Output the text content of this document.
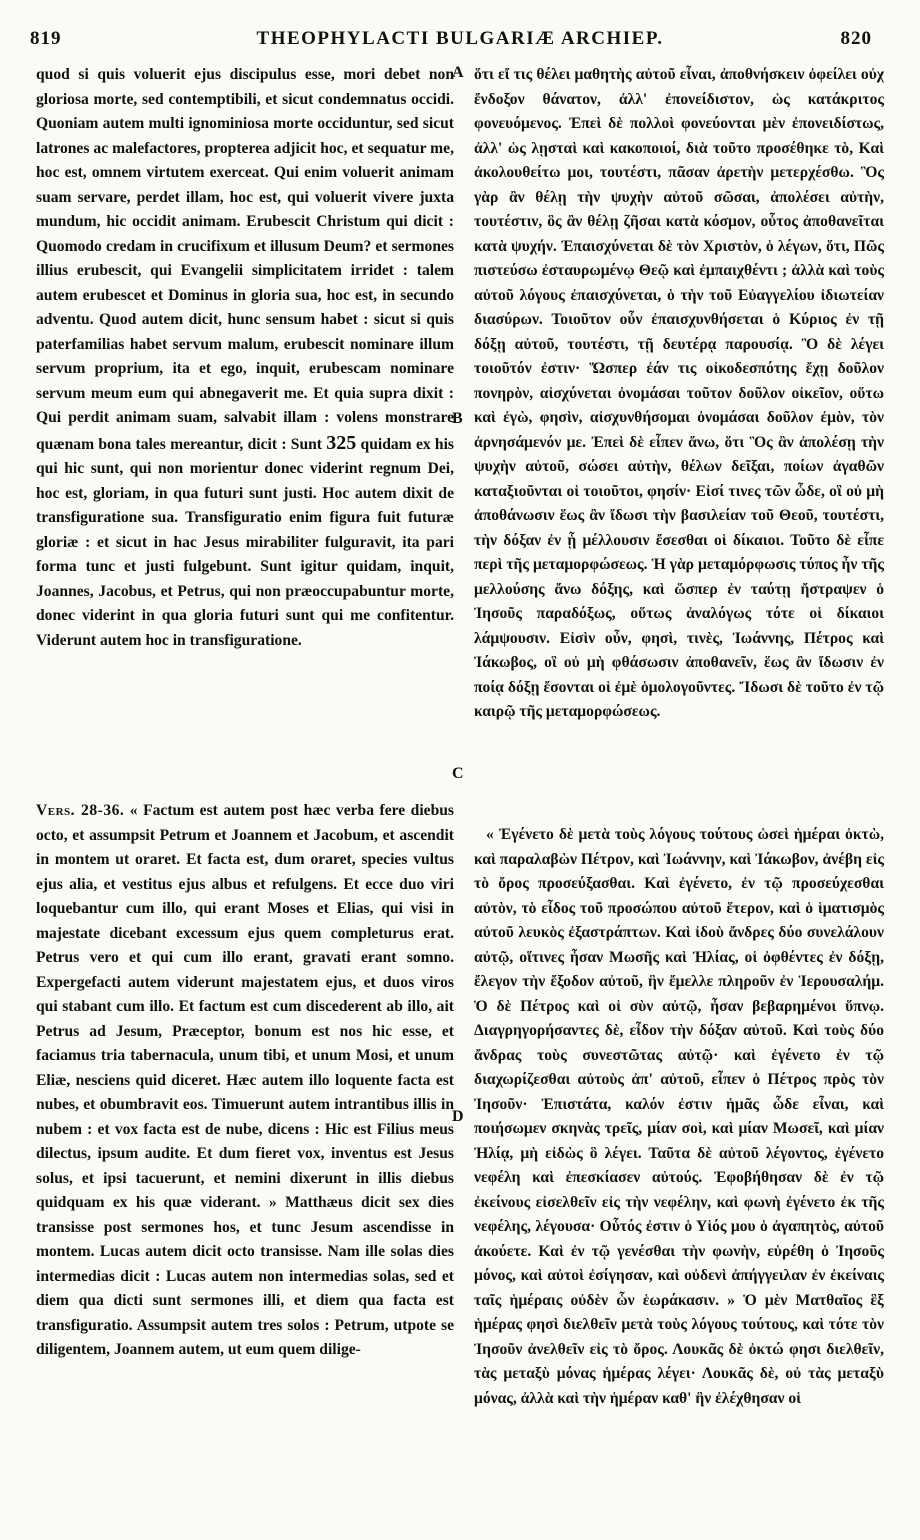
THEOPHYLACTI BULGARIÆ ARCHIEP.
819	820

quod si quis voluerit ejus discipulus esse, mori debet non gloriosa morte, sed contemptibili, et sicut condemnatus occidi. Quoniam autem multi ignominiosa morte occiduntur, sed sicut latrones ac malefactores, propterea adjicit hoc, et sequatur me, hoc est, omnem virtutem exerceat. Qui enim voluerit animam suam servare, perdet illam, hoc est, qui voluerit vivere juxta mundum, hic occidit animam. Erubescit Christum qui dicit : Quomodo credam in crucifixum et illusum Deum? et sermones illius erubescit, qui Evangelii simplicitatem irridet : talem autem erubescet et Dominus in gloria sua, hoc est, in secundo adventu. Quod autem dicit, hunc sensum habet : sicut si quis paterfamilias habet servum malum, erubescit nominare illum servum proprium, ita et ego, inquit, erubescam nominare servum meum eum qui abnegaverit me. Et quia supra dixit : Qui perdit animam suam, salvabit illam : volens monstrare quænam bona tales mereantur, dicit : Sunt 325 quidam ex his qui hic sunt, qui non morientur donec viderint regnum Dei, hoc est, gloriam, in qua futuri sunt justi. Hoc autem dixit de transfiguratione sua. Transfiguratio enim figura fuit futuræ gloriæ : et sicut in hac Jesus mirabiliter fulguravit, ita pari forma tunc et justi fulgebunt. Sunt igitur quidam, inquit, Joannes, Jacobus, et Petrus, qui non præoccupabuntur morte, donec viderint in qua gloria futuri sunt qui me confitentur. Viderunt autem hoc in transfiguratione.

Vers. 28-36. « Factum est autem post hæc verba fere diebus octo, et assumpsit Petrum et Joannem et Jacobum, et ascendit in montem ut oraret. Et facta est, dum oraret, species vultus ejus alia, et vestitus ejus albus et refulgens. Et ecce duo viri loquebantur cum illo, qui erant Moses et Elias, qui visi in majestate dicebant excessum ejus quem completurus erat. Petrus vero et qui cum illo erant, gravati erant somno. Expergefacti autem viderunt majestatem ejus, et duos viros qui stabant cum illo. Et factum est cum discederent ab illo, ait Petrus ad Jesum, Præceptor, bonum est nos hic esse, et faciamus tria tabernacula, unum tibi, et unum Mosi, et unum Eliæ, nesciens quid diceret. Hæc autem illo loquente facta est nubes, et obumbravit eos. Timuerunt autem intrantibus illis in nubem : et vox facta est de nube, dicens : Hic est Filius meus dilectus, ipsum audite. Et dum fieret vox, inventus est Jesus solus, et ipsi tacuerunt, et nemini dixerunt in illis diebus quidquam ex his quæ viderant. » Matthæus dicit sex dies transisse post sermones hos, et tunc Jesum ascendisse in montem. Lucas autem dicit octo transisse. Nam ille solas dies intermedias dicit : Lucas autem non intermedias solas, sed et diem qua dicti sunt sermones illi, et diem qua facta est transfiguratio. Assumpsit autem tres solos : Petrum, utpote se diligentem, Joannem autem, ut eum quem dilige-

ὅτι εἴ τις θέλει μαθητὴς αὐτοῦ εἶναι, ἀποθνήσκειν ὀφείλει οὐχ ἔνδοξον θάνατον, ἀλλ' ἐπονείδιστον, ὡς κατάκριτος φονευόμενος. Ἐπεὶ δὲ πολλοὶ φονεύονται μὲν ἐπονειδίστως, ἀλλ' ὡς λῃσταὶ καὶ κακοποιοί, διὰ τοῦτο προσέθηκε τὸ, Καὶ ἀκολουθείτω μοι, τουτέστι, πᾶσαν ἀρετὴν μετερχέσθω. Ὃς γὰρ ἂν θέλῃ τὴν ψυχὴν αὐτοῦ σῶσαι, ἀπολέσει αὐτὴν, τουτέστιν, ὃς ἂν θέλῃ ζῆσαι κατὰ κόσμον, οὗτος ἀποθανεῖται κατὰ ψυχήν. Ἐπαισχύνεται δὲ τὸν Χριστὸν, ὁ λέγων, ὅτι, Πῶς πιστεύσω ἐσταυρωμένῳ Θεῷ καὶ ἐμπαιχθέντι ; ἀλλὰ καὶ τοὺς αὐτοῦ λόγους ἐπαισχύνεται, ὁ τὴν τοῦ Εὐαγγελίου ἰδιωτείαν διασύρων. Τοιοῦτον οὖν ἐπαισχυνθήσεται ὁ Κύριος ἐν τῇ δόξῃ αὐτοῦ, τουτέστι, τῇ δευτέρᾳ παρουσίᾳ. Ὃ δὲ λέγει τοιοῦτόν ἐστιν· Ὥσπερ ἐάν τις οἰκοδεσπότης ἔχῃ δοῦλον πονηρὸν, αἰσχύνεται ὀνομάσαι τοῦτον δοῦλον οἰκεῖον, οὕτω καὶ ἐγὼ, φησὶν, αἰσχυνθήσομαι ὀνομάσαι δοῦλον ἐμὸν, τὸν ἀρνησάμενόν με. Ἐπεὶ δὲ εἶπεν ἄνω, ὅτι Ὃς ἂν ἀπολέσῃ τὴν ψυχὴν αὐτοῦ, σώσει αὐτὴν, θέλων δεῖξαι, ποίων ἀγαθῶν καταξιοῦνται οἱ τοιοῦτοι, φησίν· Εἰσί τινες τῶν ὧδε, οἳ οὐ μὴ ἀποθάνωσιν ἕως ἂν ἴδωσι τὴν βασιλείαν τοῦ Θεοῦ, τουτέστι, τὴν δόξαν ἐν ᾗ μέλλουσιν ἔσεσθαι οἱ δίκαιοι. Τοῦτο δὲ εἶπε περὶ τῆς μεταμορφώσεως. Ἡ γὰρ μεταμόρφωσις τύπος ἦν τῆς μελλούσης ἄνω δόξης, καὶ ὥσπερ ἐν ταύτῃ ἤστραψεν ὁ Ἰησοῦς παραδόξως, οὕτως ἀναλόγως τότε οἱ δίκαιοι λάμψουσιν. Εἰσὶν οὖν, φησὶ, τινὲς, Ἰωάννης, Πέτρος καὶ Ἰάκωβος, οἳ οὐ μὴ φθάσωσιν ἀποθανεῖν, ἕως ἂν ἴδωσιν ἐν ποίᾳ δόξῃ ἔσονται οἱ ἐμὲ ὁμολογοῦντες. Ἴδωσι δὲ τοῦτο ἐν τῷ καιρῷ τῆς μεταμορφώσεως.

« Ἐγένετο δὲ μετὰ τοὺς λόγους τούτους ὡσεὶ ἡμέραι ὀκτὼ, καὶ παραλαβὼν Πέτρον, καὶ Ἰωάννην, καὶ Ἰάκωβον, ἀνέβη εἰς τὸ ὄρος προσεύξασθαι. Καὶ ἐγένετο, ἐν τῷ προσεύχεσθαι αὐτὸν, τὸ εἶδος τοῦ προσώπου αὐτοῦ ἕτερον, καὶ ὁ ἱματισμὸς αὐτοῦ λευκὸς ἐξαστράπτων. Καὶ ἰδοὺ ἄνδρες δύο συνελάλουν αὐτῷ, οἵτινες ἦσαν Μωσῆς καὶ Ἠλίας, οἱ ὀφθέντες ἐν δόξῃ, ἔλεγον τὴν ἔξοδον αὐτοῦ, ἣν ἔμελλε πληροῦν ἐν Ἱερουσαλήμ. Ὁ δὲ Πέτρος καὶ οἱ σὺν αὐτῷ, ἦσαν βεβαρημένοι ὕπνῳ. Διαγρηγορήσαντες δὲ, εἶδον τὴν δόξαν αὐτοῦ. Καὶ τοὺς δύο ἄνδρας τοὺς συνεστῶτας αὐτῷ· καὶ ἐγένετο ἐν τῷ διαχωρίζεσθαι αὐτοὺς ἀπ' αὐτοῦ, εἶπεν ὁ Πέτρος πρὸς τὸν Ἰησοῦν· Ἐπιστάτα, καλόν ἐστιν ἡμᾶς ὧδε εἶναι, καὶ ποιήσωμεν σκηνὰς τρεῖς, μίαν σοὶ, καὶ μίαν Μωσεῖ, καὶ μίαν Ἠλίᾳ, μὴ εἰδὼς ὃ λέγει. Ταῦτα δὲ αὐτοῦ λέγοντος, ἐγένετο νεφέλη καὶ ἐπεσκίασεν αὐτούς. Ἐφοβήθησαν δὲ ἐν τῷ ἐκείνους εἰσελθεῖν εἰς τὴν νεφέλην, καὶ φωνὴ ἐγένετο ἐκ τῆς νεφέλης, λέγουσα· Οὗτός ἐστιν ὁ Υἱός μου ὁ ἀγαπητὸς, αὐτοῦ ἀκούετε. Καὶ ἐν τῷ γενέσθαι τὴν φωνὴν, εὑρέθη ὁ Ἰησοῦς μόνος, καὶ αὐτοὶ ἐσίγησαν, καὶ οὐδενὶ ἀπήγγειλαν ἐν ἐκείναις ταῖς ἡμέραις οὐδὲν ὧν ἑωράκασιν. » Ὁ μὲν Ματθαῖος ἓξ ἡμέρας φησὶ διελθεῖν μετὰ τοὺς λόγους τούτους, καὶ τότε τὸν Ἰησοῦν ἀνελθεῖν εἰς τὸ ὄρος. Λουκᾶς δὲ ὀκτώ φησι διελθεῖν, τὰς μεταξὺ μόνας ἡμέρας λέγει· Λουκᾶς δὲ, οὐ τὰς μεταξὺ μόνας, ἀλλὰ καὶ τὴν ἡμέραν καθ' ἣν ἐλέχθησαν οἱ

A
B
C
D
